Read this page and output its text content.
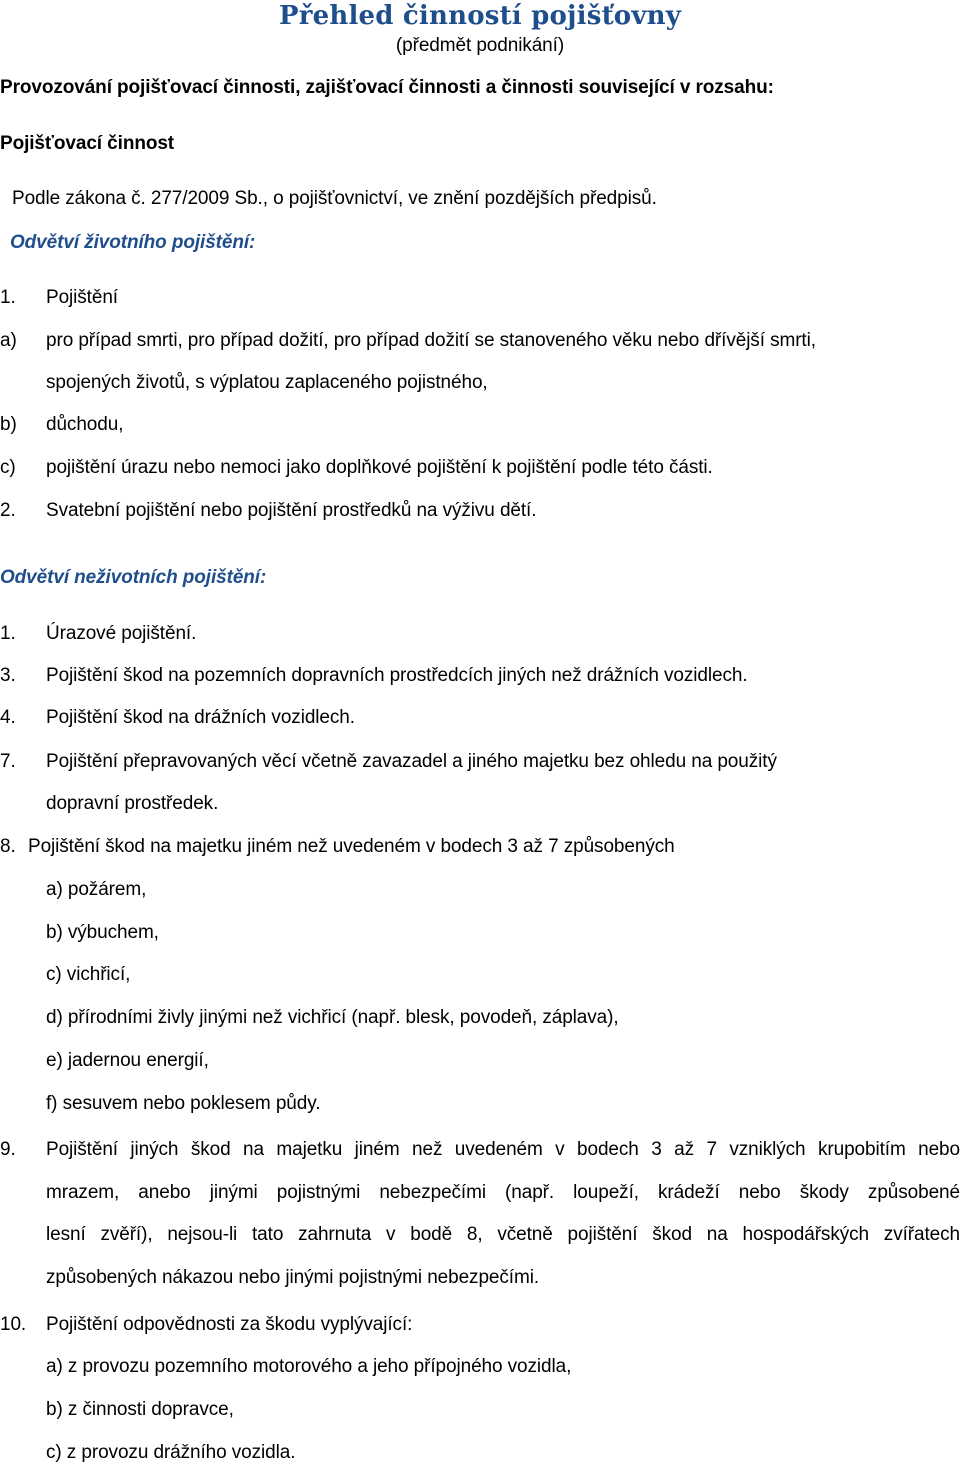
Přehled činností pojišťovny
(předmět podnikání)
Provozování pojišťovací činnosti, zajišťovací činnosti a činnosti související v rozsahu:
Pojišťovací činnost
Podle zákona č. 277/2009 Sb., o pojišťovnictví, ve znění pozdějších předpisů.
Odvětví životního pojištění:
1. Pojištění
a) pro případ smrti, pro případ dožití, pro případ dožití se stanoveného věku nebo dřívější smrti,
spojených životů, s výplatou zaplaceného pojistného,
b) důchodu,
c) pojištění úrazu nebo nemoci jako doplňkové pojištění k pojištění podle této části.
2. Svatební pojištění nebo pojištění prostředků na výživu dětí.
Odvětví neživotních pojištění:
1. Úrazové pojištění.
3. Pojištění škod na pozemních dopravních prostředcích jiných než drážních vozidlech.
4. Pojištění škod na drážních vozidlech.
7. Pojištění přepravovaných věcí včetně zavazadel a jiného majetku bez ohledu na použitý
dopravní prostředek.
8. Pojištění škod na majetku jiném než uvedeném v bodech 3 až 7 způsobených
a) požárem,
b) výbuchem,
c) vichřicí,
d) přírodními živly jinými než vichřicí (např. blesk, povodeň, záplava),
e) jadernou energií,
f) sesuvem nebo poklesem půdy.
9. Pojištění jiných škod na majetku jiném než uvedeném v bodech 3 až 7 vzniklých krupobitím nebo
mrazem, anebo jinými pojistnými nebezpečími (např. loupeží, krádeží nebo škody způsobené
lesní zvěří), nejsou-li tato zahrnuta v bodě 8, včetně pojištění škod na hospodářských zvířatech
způsobených nákazou nebo jinými pojistnými nebezpečími.
10. Pojištění odpovědnosti za škodu vyplývající:
a) z provozu pozemního motorového a jeho přípojného vozidla,
b) z činnosti dopravce,
c) z provozu drážního vozidla.
